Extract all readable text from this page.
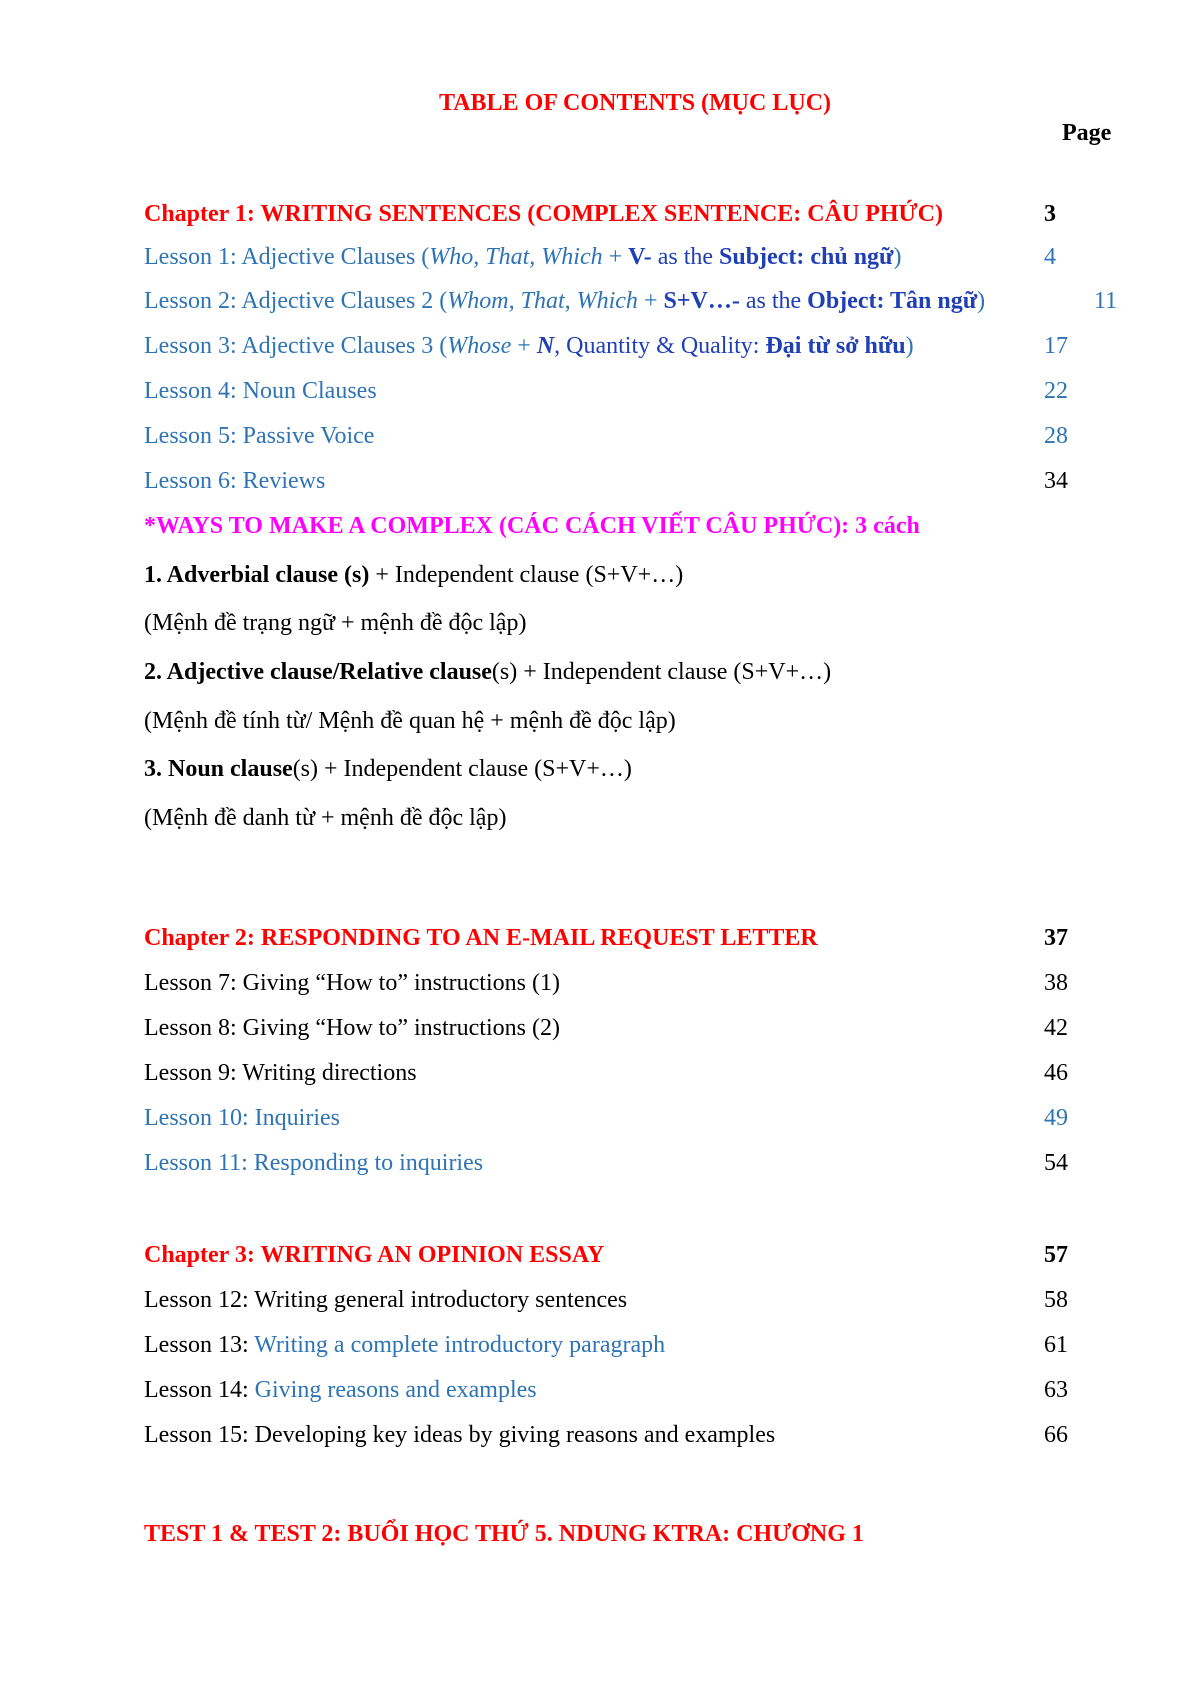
TABLE OF CONTENTS (MỤC LỤC)
Page
Chapter 1: WRITING SENTENCES (COMPLEX SENTENCE: CÂU PHỨC)	3
Lesson 1: Adjective Clauses (Who, That, Which + V- as the Subject: chủ ngữ)	4
Lesson 2: Adjective Clauses 2 (Whom, That, Which + S+V…- as the Object: Tân ngữ)	11
Lesson 3: Adjective Clauses 3 (Whose + N, Quantity & Quality: Đại từ sở hữu)	17
Lesson 4: Noun Clauses	22
Lesson 5: Passive Voice	28
Lesson 6: Reviews	34
*WAYS TO MAKE A COMPLEX (CÁC CÁCH VIẾT CÂU PHỨC): 3 cách
1. Adverbial clause (s) + Independent clause (S+V+…)
(Mệnh đề trạng ngữ + mệnh đề độc lập)
2. Adjective clause/Relative clause(s) + Independent clause (S+V+…)
(Mệnh đề tính từ/ Mệnh đề quan hệ + mệnh đề độc lập)
3. Noun clause(s) + Independent clause (S+V+…)
(Mệnh đề danh từ + mệnh đề độc lập)
Chapter 2: RESPONDING TO AN E-MAIL REQUEST LETTER	37
Lesson 7: Giving “How to” instructions (1)	38
Lesson 8: Giving “How to” instructions (2)	42
Lesson 9: Writing directions	46
Lesson 10: Inquiries	49
Lesson 11: Responding to inquiries	54
Chapter 3: WRITING AN OPINION ESSAY	57
Lesson 12: Writing general introductory sentences	58
Lesson 13: Writing a complete introductory paragraph	61
Lesson 14: Giving reasons and examples	63
Lesson 15: Developing key ideas by giving reasons and examples	66
TEST 1 & TEST 2: BUỔI HỌC THỨ 5. NDUNG KTRA: CHƯƠNG 1
